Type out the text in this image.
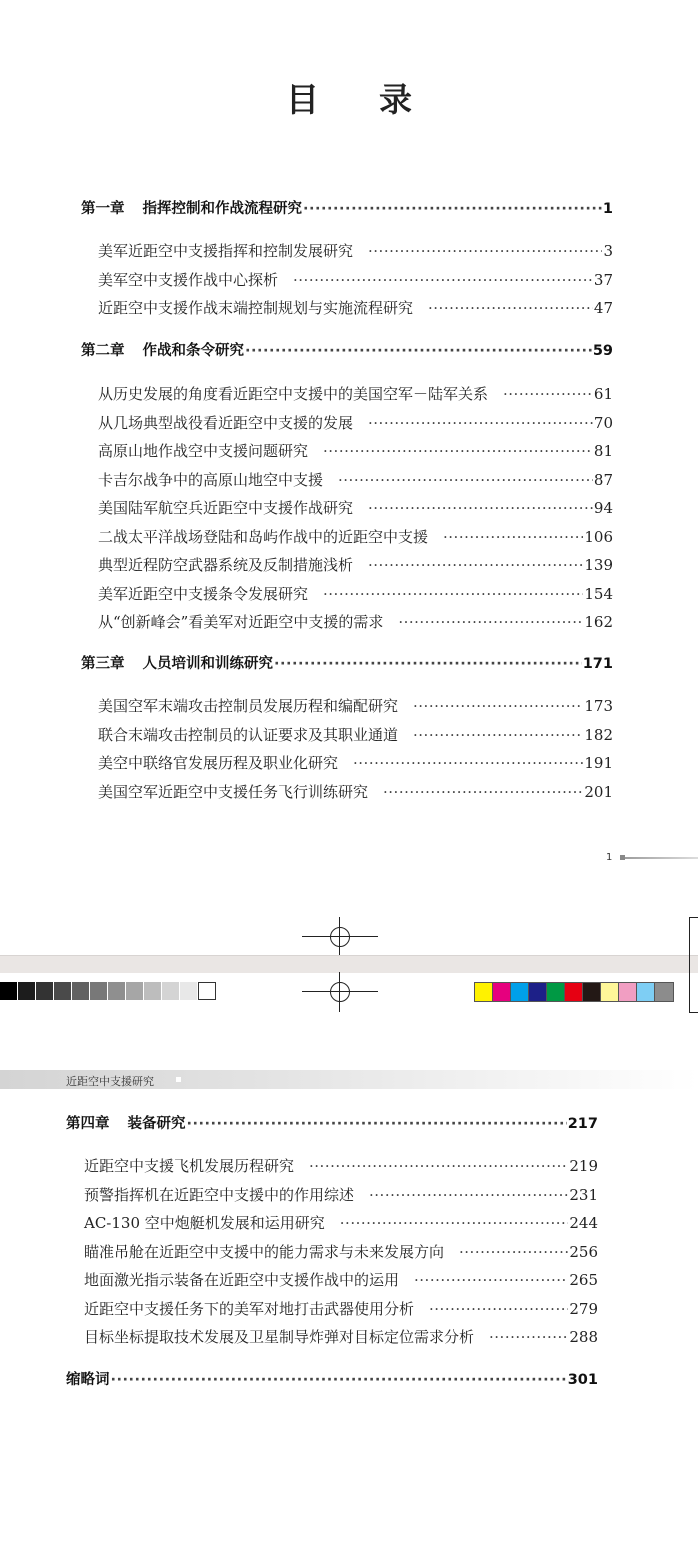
目 录
第一章 指挥控制和作战流程研究 ·····	1
美军近距空中支援指挥和控制发展研究 ·····	3
美军空中支援作战中心探析 ·····	37
近距空中支援作战末端控制规划与实施流程研究 ·····	47
第二章 作战和条令研究 ·····	59
从历史发展的角度看近距空中支援中的美国空军－陆军关系 ·····	61
从几场典型战役看近距空中支援的发展 ·····	70
高原山地作战空中支援问题研究 ·····	81
卡吉尔战争中的高原山地空中支援 ·····	87
美国陆军航空兵近距空中支援作战研究 ·····	94
二战太平洋战场登陆和岛屿作战中的近距空中支援 ·····	106
典型近程防空武器系统及反制措施浅析 ·····	139
美军近距空中支援条令发展研究 ·····	154
从“创新峰会”看美军对近距空中支援的需求 ·····	162
第三章 人员培训和训练研究 ·····	171
美国空军末端攻击控制员发展历程和编配研究 ·····	173
联合末端攻击控制员的认证要求及其职业通道 ·····	182
美空中联络官发展历程及职业化研究 ·····	191
美国空军近距空中支援任务飞行训练研究 ·····	201
1
近距空中支援研究
第四章 装备研究 ·····	217
近距空中支援飞机发展历程研究 ·····	219
预警指挥机在近距空中支援中的作用综述 ·····	231
AC-130 空中炮艇机发展和运用研究 ·····	244
瞄准吊舱在近距空中支援中的能力需求与未来发展方向 ·····	256
地面激光指示装备在近距空中支援作战中的运用 ·····	265
近距空中支援任务下的美军对地打击武器使用分析 ·····	279
目标坐标提取技术发展及卫星制导炸弹对目标定位需求分析 ·····	288
缩略词 ·····	301
